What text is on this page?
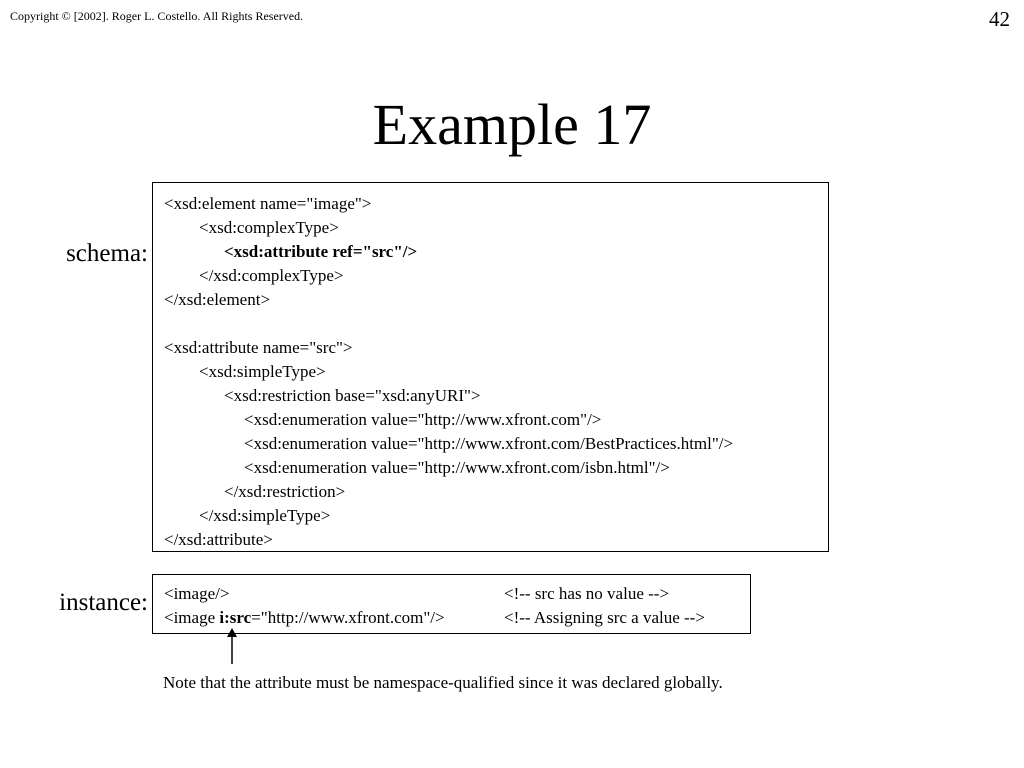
Copyright © [2002]. Roger L. Costello. All Rights Reserved.	42
Example 17
schema:
<xsd:element name="image">
<xsd:complexType>
<xsd:attribute ref="src"/>
</xsd:complexType>
</xsd:element>
<xsd:attribute name="src">
<xsd:simpleType>
<xsd:restriction base="xsd:anyURI">
<xsd:enumeration value="http://www.xfront.com"/>
<xsd:enumeration value="http://www.xfront.com/BestPractices.html"/>
<xsd:enumeration value="http://www.xfront.com/isbn.html"/>
</xsd:restriction>
</xsd:simpleType>
</xsd:attribute>
instance: <image/>	<!-- src has no value -->
<image i:src="http://www.xfront.com"/>	<!-- Assigning src a value -->
Note that the attribute must be namespace-qualified since it was declared globally.
